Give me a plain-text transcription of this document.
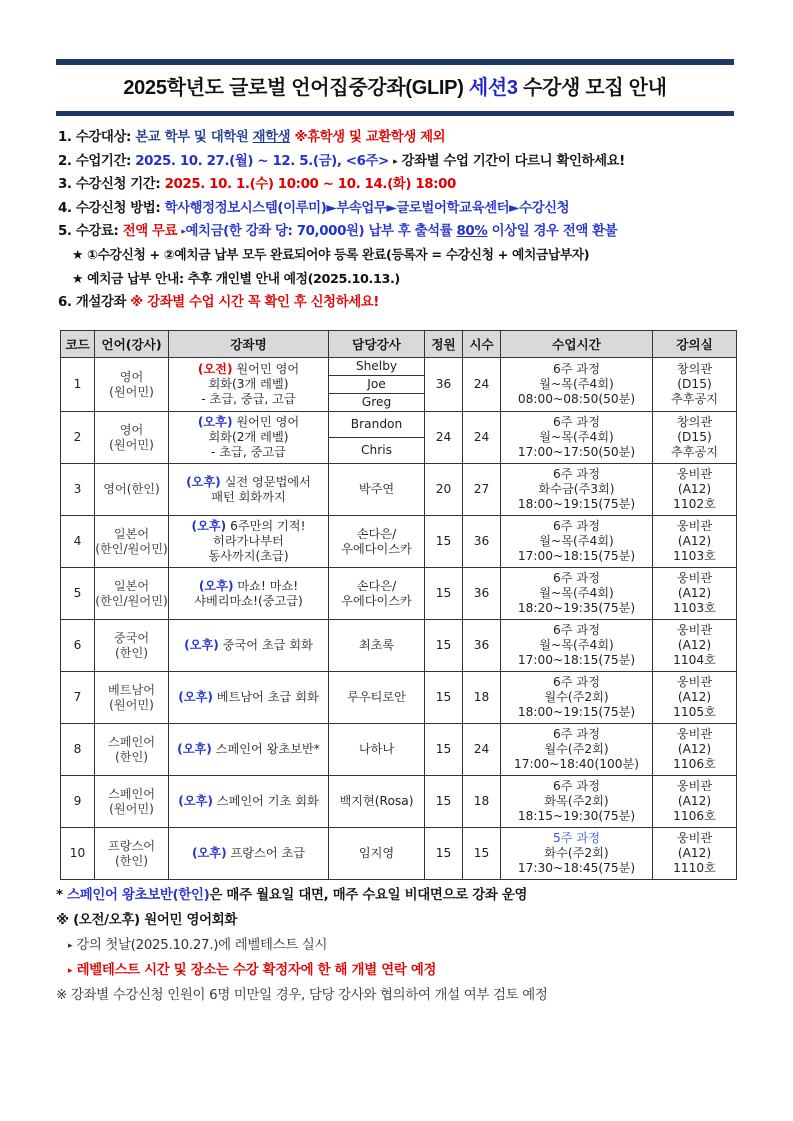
2025학년도 글로벌 언어집중강좌(GLIP) 세션3 수강생 모집 안내
1. 수강대상: 본교 학부 및 대학원 재학생 ※휴학생 및 교환학생 제외
2. 수업기간: 2025. 10. 27.(월) ~ 12. 5.(금), <6주> ▸ 강좌별 수업 기간이 다르니 확인하세요!
3. 수강신청 기간: 2025. 10. 1.(수) 10:00 ~ 10. 14.(화) 18:00
4. 수강신청 방법: 학사행정정보시스템(이루미)►부속업무►글로벌어학교육센터►수강신청
5. 수강료: 전액 무료 ▸예치금(한 강좌 당: 70,000원) 납부 후 출석률 80% 이상일 경우 전액 환불
★ ①수강신청 + ②예치금 납부 모두 완료되어야 등록 완료(등록자 = 수강신청 + 예치금납부자)
★ 예치금 납부 안내: 추후 개인별 안내 예정(2025.10.13.)
6. 개설강좌 ※ 강좌별 수업 시간 꼭 확인 후 신청하세요!
코드	언어(강사)	강좌명	담당강사	정원	시수	수업시간	강의실
1	영어
(원어민)	(오전) 원어민 영어
회화(3개 레벨)
- 초급, 중급, 고급	Shelby	36	24	6주 과정
월~목(주4회)
08:00~08:50(50분)	창의관
(D15)
추후공지
			Joe				
			Greg				
2	영어
(원어민)	(오후) 원어민 영어
회화(2개 레벨)
- 초급, 중고급	Brandon	24	24	6주 과정
월~목(주4회)
17:00~17:50(50분)	창의관
(D15)
추후공지
			Chris				
3	영어(한인)	(오후) 실전 영문법에서
패턴 회화까지	박주연	20	27	6주 과정
화수금(주3회)
18:00~19:15(75분)	웅비관
(A12)
1102호
4	일본어
(한인/원어민)	(오후) 6주만의 기적!
히라가나부터
동사까지(초급)	손다은/
우에다이스카	15	36	6주 과정
월~목(주4회)
17:00~18:15(75분)	웅비관
(A12)
1103호
5	일본어
(한인/원어민)	(오후) 마쇼! 마쇼!
샤베리마쇼!(중고급)	손다은/
우에다이스카	15	36	6주 과정
월~목(주4회)
18:20~19:35(75분)	웅비관
(A12)
1103호
6	중국어
(한인)	(오후) 중국어 초급 회화	최초록	15	36	6주 과정
월~목(주4회)
17:00~18:15(75분)	웅비관
(A12)
1104호
7	베트남어
(원어민)	(오후) 베트남어 초급 회화	루우티로안	15	18	6주 과정
월수(주2회)
18:00~19:15(75분)	웅비관
(A12)
1105호
8	스페인어
(한인)	(오후) 스페인어 왕초보반*	나하나	15	24	6주 과정
월수(주2회)
17:00~18:40(100분)	웅비관
(A12)
1106호
9	스페인어
(원어민)	(오후) 스페인어 기초 회화	백지현(Rosa)	15	18	6주 과정
화목(주2회)
18:15~19:30(75분)	웅비관
(A12)
1106호
10	프랑스어
(한인)	(오후) 프랑스어 초급	임지영	15	15	5주 과정
화수(주2회)
17:30~18:45(75분)	웅비관
(A12)
1110호
* 스페인어 왕초보반(한인)은 매주 월요일 대면, 매주 수요일 비대면으로 강좌 운영
※ (오전/오후) 원어민 영어회화
▸ 강의 첫날(2025.10.27.)에 레벨테스트 실시
▸ 레벨테스트 시간 및 장소는 수강 확정자에 한 해 개별 연락 예정
※ 강좌별 수강신청 인원이 6명 미만일 경우, 담당 강사와 협의하여 개설 여부 검토 예정
